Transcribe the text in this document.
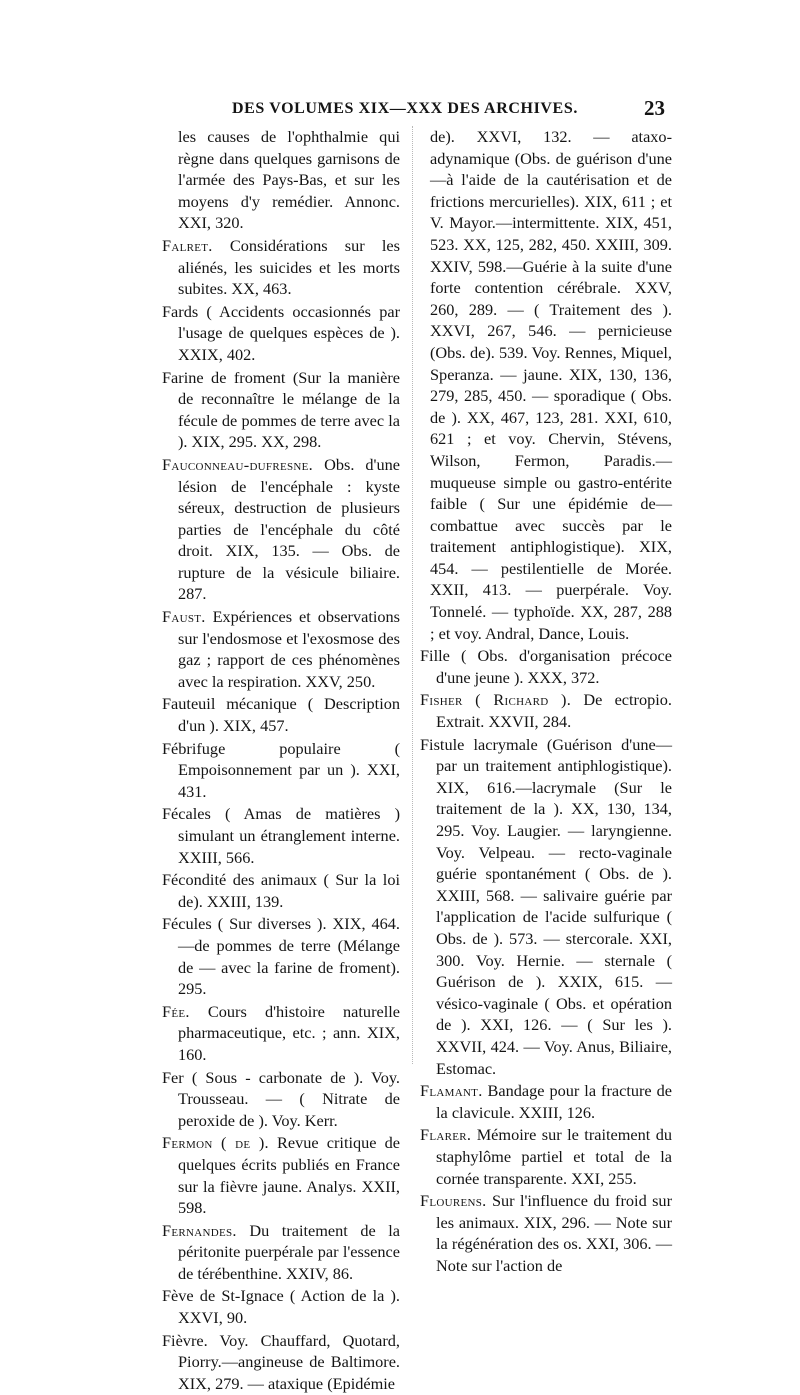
DES VOLUMES XIX—XXX DES ARCHIVES.	23

les causes de l'ophthalmie qui règne dans quelques garnisons de l'armée des Pays-Bas, et sur les moyens d'y remédier. Annonc. XXI, 320.

Falret. Considérations sur les aliénés, les suicides et les morts subites. XX, 463.

Fards ( Accidents occasionnés par l'usage de quelques espèces de ). XXIX, 402.

Farine de froment (Sur la manière de reconnaître le mélange de la fécule de pommes de terre avec la ). XIX, 295. XX, 298.

Fauconneau-dufresne. Obs. d'une lésion de l'encéphale : kyste séreux, destruction de plusieurs parties de l'encéphale du côté droit. XIX, 135. — Obs. de rupture de la vésicule biliaire. 287.

Faust. Expériences et observations sur l'endosmose et l'exosmose des gaz ; rapport de ces phénomènes avec la respiration. XXV, 250.

Fauteuil mécanique ( Description d'un ). XIX, 457.

Fébrifuge populaire ( Empoisonnement par un ). XXI, 431.

Fécales ( Amas de matières ) simulant un étranglement interne. XXIII, 566.

Fécondité des animaux ( Sur la loi de). XXIII, 139.

Fécules ( Sur diverses ). XIX, 464. —de pommes de terre (Mélange de — avec la farine de froment). 295.

Fée. Cours d'histoire naturelle pharmaceutique, etc. ; ann. XIX, 160.

Fer ( Sous - carbonate de ). Voy. Trousseau. — ( Nitrate de peroxide de ). Voy. Kerr.

Fermon ( de ). Revue critique de quelques écrits publiés en France sur la fièvre jaune. Analys. XXII, 598.

Fernandes. Du traitement de la péritonite puerpérale par l'essence de térébenthine. XXIV, 86.

Fève de St-Ignace ( Action de la ). XXVI, 90.

Fièvre. Voy. Chauffard, Quotard, Piorry.—angineuse de Baltimore. XIX, 279. — ataxique (Epidémie

de). XXVI, 132. — ataxo-adynamique (Obs. de guérison d'une—à l'aide de la cautérisation et de frictions mercurielles). XIX, 611 ; et V. Mayor.—intermittente. XIX, 451, 523. XX, 125, 282, 450. XXIII, 309. XXIV, 598.—Guérie à la suite d'une forte contention cérébrale. XXV, 260, 289. — ( Traitement des ). XXVI, 267, 546. — pernicieuse (Obs. de). 539. Voy. Rennes, Miquel, Speranza. — jaune. XIX, 130, 136, 279, 285, 450. — sporadique ( Obs. de ). XX, 467, 123, 281. XXI, 610, 621 ; et voy. Chervin, Stévens, Wilson, Fermon, Paradis.— muqueuse simple ou gastro-entérite faible ( Sur une épidémie de—combattue avec succès par le traitement antiphlogistique). XIX, 454. — pestilentielle de Morée. XXII, 413. — puerpérale. Voy. Tonnelé. — typhoïde. XX, 287, 288 ; et voy. Andral, Dance, Louis.

Fille ( Obs. d'organisation précoce d'une jeune ). XXX, 372.

Fisher ( Richard ). De ectropio. Extrait. XXVII, 284.

Fistule lacrymale (Guérison d'une—par un traitement antiphlogistique). XIX, 616.—lacrymale (Sur le traitement de la ). XX, 130, 134, 295. Voy. Laugier. — laryngienne. Voy. Velpeau. — recto-vaginale guérie spontanément ( Obs. de ). XXIII, 568. — salivaire guérie par l'application de l'acide sulfurique ( Obs. de ). 573. — stercorale. XXI, 300. Voy. Hernie. — sternale ( Guérison de ). XXIX, 615. — vésico-vaginale ( Obs. et opération de ). XXI, 126. — ( Sur les ). XXVII, 424. — Voy. Anus, Biliaire, Estomac.

Flamant. Bandage pour la fracture de la clavicule. XXIII, 126.

Flarer. Mémoire sur le traitement du staphylôme partiel et total de la cornée transparente. XXI, 255.

Flourens. Sur l'influence du froid sur les animaux. XIX, 296. — Note sur la régénération des os. XXI, 306. — Note sur l'action de
